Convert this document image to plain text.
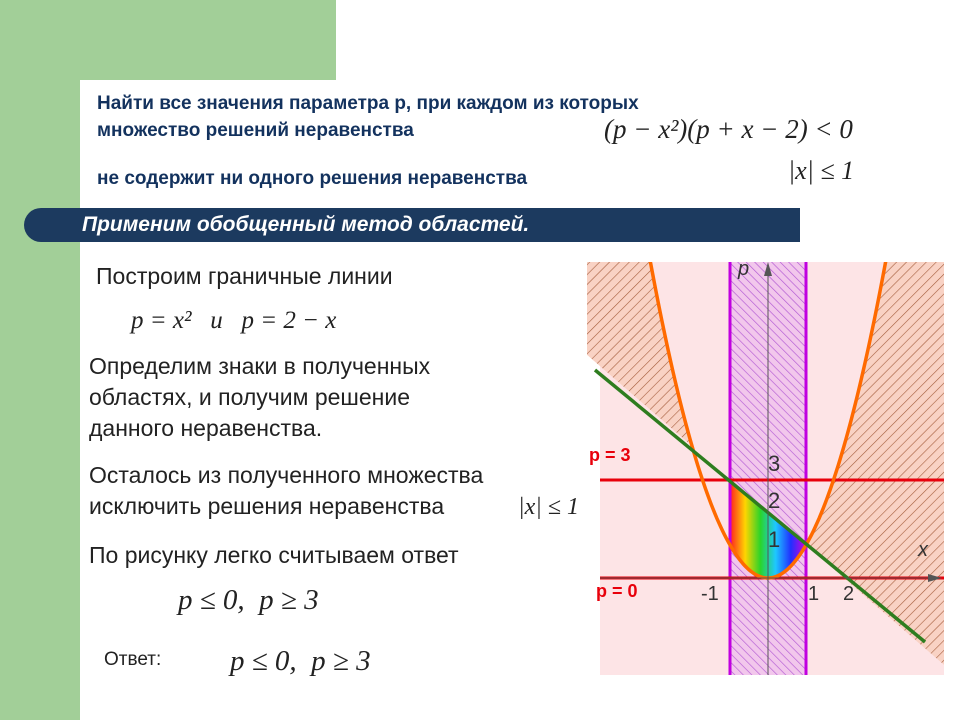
Найти все значения параметра р, при каждом из которых
множество решений неравенства	(p − x²)(p + x − 2) < 0
не содержит ни одного решения неравенства	|x| ≤ 1
Применим обобщенный метод областей.
Построим граничные линии
p = x²   и   p = 2 − x
Определим знаки в полученных
областях, и получим решение
данного неравенства.
Осталось из полученного множества
исключить решения неравенства	|x| ≤ 1
По рисунку легко считываем ответ
p ≤ 0,  p ≥ 3
Ответ: p ≤ 0,  p ≥ 3
p
x
p = 3
p = 0
3
2
1
-1	1 2
